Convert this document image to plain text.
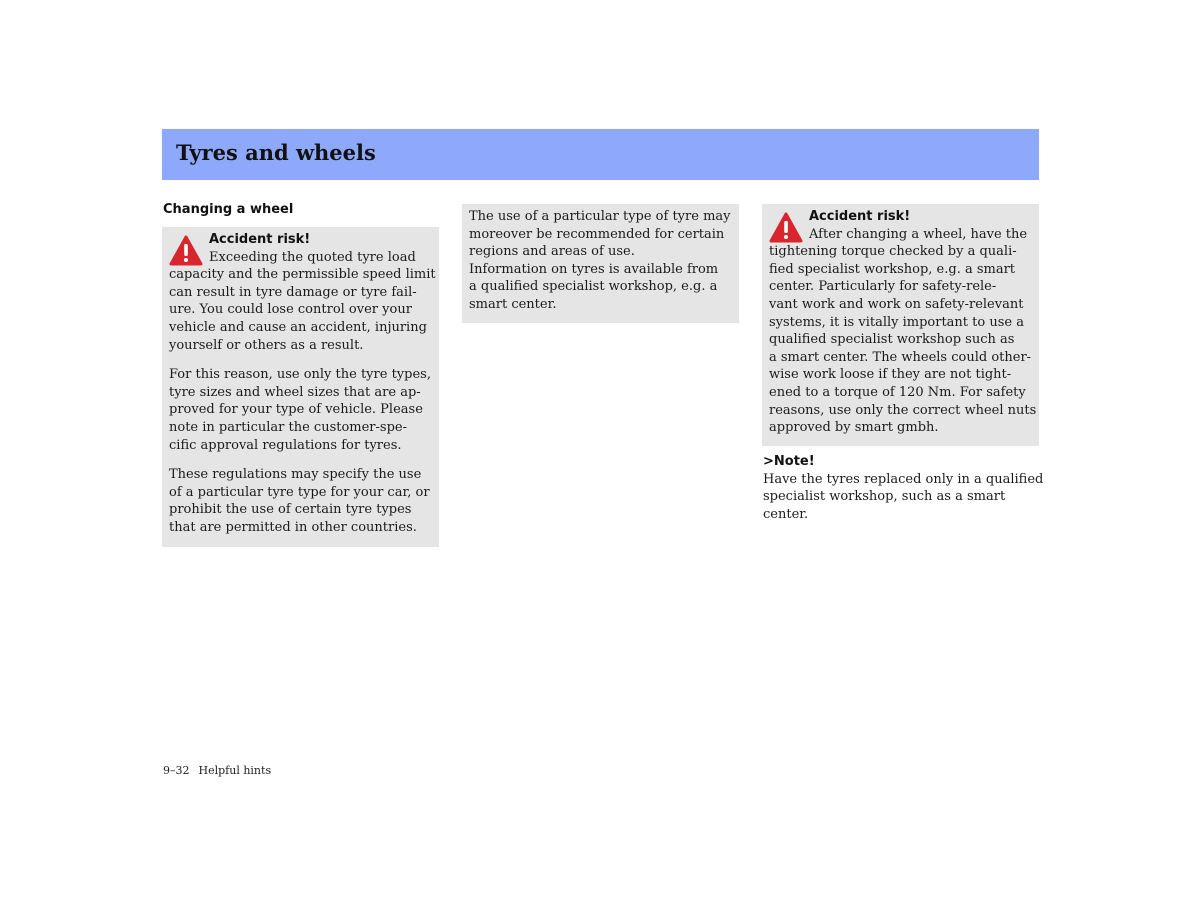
Tyres and wheels
Changing a wheel
Accident risk!
Exceeding the quoted tyre load
capacity and the permissible speed limit
can result in tyre damage or tyre fail-
ure. You could lose control over your
vehicle and cause an accident, injuring
yourself or others as a result.
For this reason, use only the tyre types,
tyre sizes and wheel sizes that are ap-
proved for your type of vehicle. Please
note in particular the customer-spe-
cific approval regulations for tyres.
These regulations may specify the use
of a particular tyre type for your car, or
prohibit the use of certain tyre types
that are permitted in other countries.
The use of a particular type of tyre may
moreover be recommended for certain
regions and areas of use.
Information on tyres is available from
a qualified specialist workshop, e.g. a
smart center.
Accident risk!
After changing a wheel, have the
tightening torque checked by a quali-
fied specialist workshop, e.g. a smart
center. Particularly for safety-rele-
vant work and work on safety-relevant
systems, it is vitally important to use a
qualified specialist workshop such as
a smart center. The wheels could other-
wise work loose if they are not tight-
ened to a torque of 120 Nm. For safety
reasons, use only the correct wheel nuts
approved by smart gmbh.
>Note!
Have the tyres replaced only in a qualified
specialist workshop, such as a smart
center.
9–32 Helpful hints
